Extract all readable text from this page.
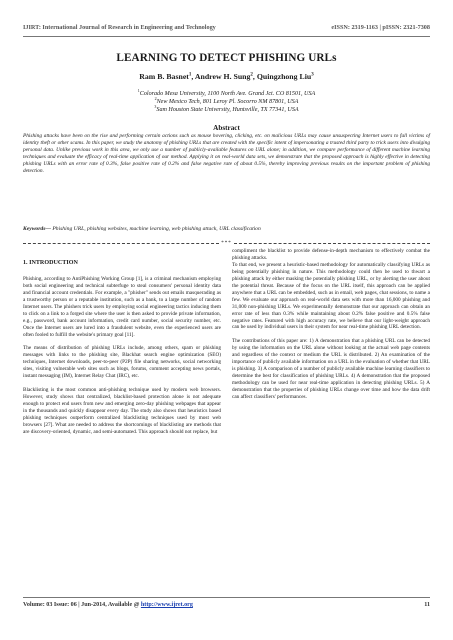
IJIRT: International Journal of Research in Engineering and Technology	eISSN: 2319-1163 | pISSN: 2321-7308
LEARNING TO DETECT PHISHING URLs
Ram B. Basnet$^1$, Andrew H. Sung$^2$, Quingzhong Liu$^3$
$^1$Colorado Mesa University, 1100 North Ave. Grand Jct. CO 81501, USA
$^2$New Mexico Tech, 801 Leroy Pl. Socorro NM 87801, USA
$^3$Sam Houston State University, Huntsville, TX 77341, USA
Abstract
Phishing attacks have been on the rise and performing certain actions such as mouse hovering, clicking, etc. on malicious URLs may cause unsuspecting Internet users to fall victims of identity theft or other scams. In this paper, we study the anatomy of phishing URLs that are created with the specific intent of impersonating a trusted third party to trick users into divulging personal data. Unlike previous work in this area, we only use a number of publicly-available features on URL alone; in addition, we compare performance of different machine learning techniques and evaluate the efficacy of real-time application of our method. Applying it on real-world data sets, we demonstrate that the proposed approach is highly effective in detecting phishing URLs with an error rate of 0.3%, false positive rate of 0.2% and false negative rate of about 0.5%, thereby improving previous results on the important problem of phishing detection.
Keywords— Phishing URL, phishing websites, machine learning, web phishing attack, URL classification
***
1. INTRODUCTION

Phishing, according to AntiPhishing Working Group [1], is a criminal mechanism employing both social engineering and technical subterfuge to steal consumers' personal identity data and financial account credentials. For example, a "phisher" sends out emails masquerading as a trustworthy person or a reputable institution, such as a bank, to a large number of random Internet users. The phishers trick users by employing social engineering tactics inducing them to click on a link to a forged site where the user is then asked to provide private information, e.g., password, bank account information, credit card number, social security number, etc. Once the Internet users are lured into a fraudulent website, even the experienced users are often fooled to fulfill the website's primary goal [11].

The means of distribution of phishing URLs include, among others, spam or phishing messages with links to the phishing site, Blackhat search engine optimization (SEO) techniques, Internet downloads, peer-to-peer (P2P) file sharing networks, social networking sites, visiting vulnerable web sites such as blogs, forums, comment accepting news portals, instant messaging (IM), Internet Relay Chat (IRC), etc.

Blacklisting is the most common anti-phishing technique used by modern web browsers. However, study shows that centralized, blacklist-based protection alone is not adequate enough to protect end users from new and emerging zero-day phishing webpages that appear in the thousands and quickly disappear every day. The study also shows that heuristics based phishing techniques outperform centralized blacklisting techniques used by most web browsers [27]. What are needed to address the shortcomings of blacklisting are methods that are discovery-oriented, dynamic, and semi-automated. This approach should not replace, but

compliment the blacklist to provide defense-in-depth mechanism to effectively combat the phishing attacks.

To that end, we present a heuristic-based methodology for automatically classifying URLs as being potentially phishing in nature. This methodology could then be used to thwart a phishing attack by either masking the potentially phishing URL, or by alerting the user about the potential threat. Because of the focus on the URL itself, this approach can be applied anywhere that a URL can be embedded, such as in email, web pages, chat sessions, to name a few. We evaluate our approach on real-world data sets with more than 16,000 phishing and 31,000 non-phishing URLs. We experimentally demonstrate that our approach can obtain an error rate of less than 0.3% while maintaining about 0.2% false positive and 0.5% false negative rates. Featured with high accuracy rate, we believe that our light-weight approach can be used by individual users in their system for near real-time phishing URL detection.

The contributions of this paper are: 1) A demonstration that a phishing URL can be detected by using the information on the URL alone without looking at the actual web page contents and regardless of the context or medium the URL is distributed. 2) An examination of the importance of publicly available information on a URL in the evaluation of whether that URL is phishing. 3) A comparison of a number of publicly available machine learning classifiers to determine the best for classification of phishing URLs. 4) A demonstration that the proposed methodology can be used for near real-time application in detecting phishing URLs. 5) A demonstration that the properties of phishing URLs change over time and how the data drift can affect classifiers' performances.

Volume: 03 Issue: 06 | Jun-2014, Available @ http://www.ijret.org	11
